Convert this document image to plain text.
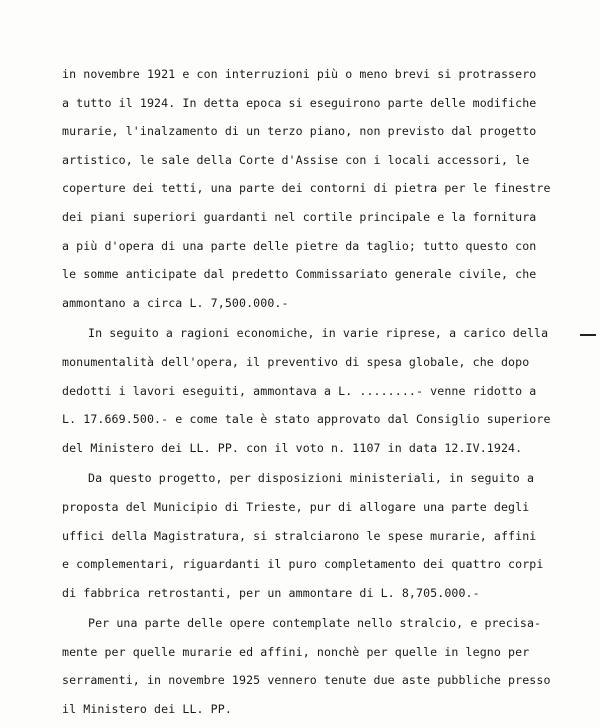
in novembre 1921 e con interruzioni più o meno brevi si protrassero
a tutto il 1924. In detta epoca si eseguirono parte delle modifiche
murarie, l'inalzamento di un terzo piano, non previsto dal progetto
artistico, le sale della Corte d'Assise con i locali accessori, le
coperture dei tetti, una parte dei contorni di pietra per le finestre
dei piani superiori guardanti nel cortile principale e la fornitura
a più d'opera di una parte delle pietre da taglio; tutto questo con
le somme anticipate dal predetto Commissariato generale civile, che
ammontano a circa L. 7,500.000.-
In seguito a ragioni economiche, in varie riprese, a carico della
monumentalità dell'opera, il preventivo di spesa globale, che dopo
dedotti i lavori eseguiti, ammontava a L. ........- venne ridotto a
L. 17.669.500.- e come tale è stato approvato dal Consiglio superiore
del Ministero dei LL. PP. con il voto n. 1107 in data 12.IV.1924.
Da questo progetto, per disposizioni ministeriali, in seguito a
proposta del Municipio di Trieste, pur di allogare una parte degli
uffici della Magistratura, si stralciarono le spese murarie, affini
e complementari, riguardanti il puro completamento dei quattro corpi
di fabbrica retrostanti, per un ammontare di L. 8,705.000.-
Per una parte delle opere contemplate nello stralcio, e precisa-
mente per quelle murarie ed affini, nonchè per quelle in legno per
serramenti, in novembre 1925 vennero tenute due aste pubbliche presso
il Ministero dei LL. PP.
